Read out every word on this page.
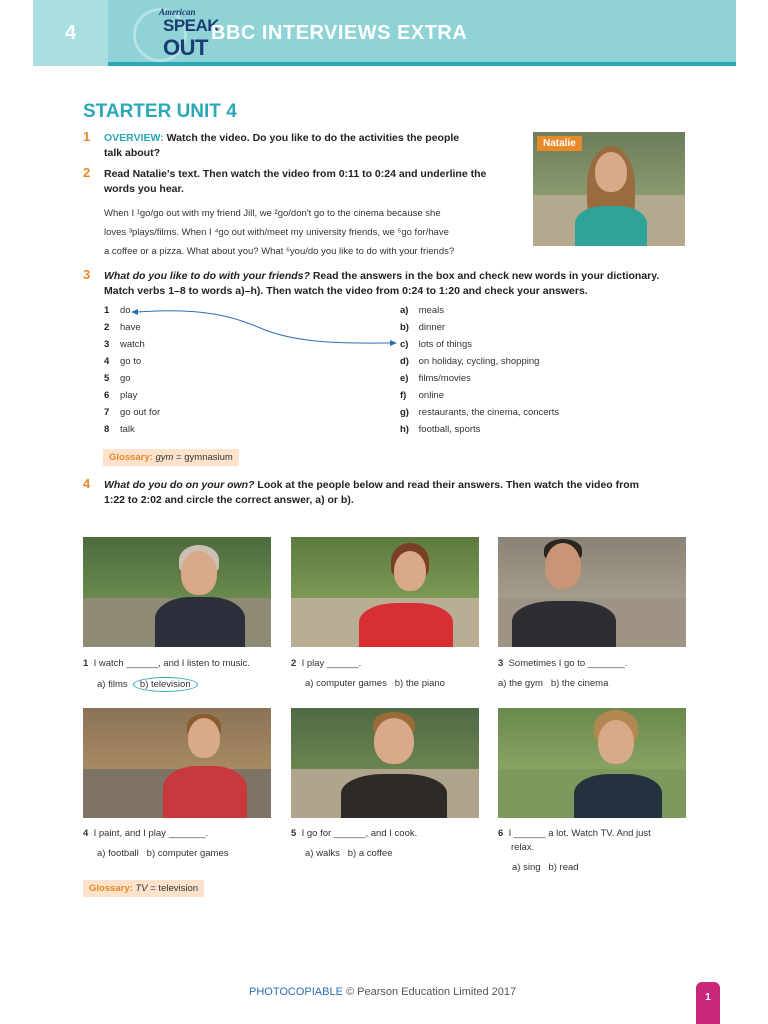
4
American
SPEAK
OUT
BBC INTERVIEWS EXTRA
STARTER UNIT 4
1 OVERVIEW: Watch the video. Do you like to do the activities the people
talk about?
2 Read Natalie's text. Then watch the video from 0:11 to 0:24 and underline the
words you hear.
When I ¹go/go out with my friend Jill, we ²go/don't go to the cinema because she
loves ³plays/films. When I ⁴go out with/meet my university friends, we ⁵go for/have
a coffee or a pizza. What about you? What ⁶you/do you like to do with your friends?
Natalie
3 What do you like to do with your friends? Read the answers in the box and check new words in your dictionary.
Match verbs 1–8 to words a)–h). Then watch the video from 0:24 to 1:20 and check your answers.
1 do
2 have
3 watch
4 go to
5 go
6 play
7 go out for
8 talk
a) meals
b) dinner
c) lots of things
d) on holiday, cycling, shopping
e) films/movies
f) online
g) restaurants, the cinema, concerts
h) football, sports
Glossary: gym = gymnasium
4 What do you do on your own? Look at the people below and read their answers. Then watch the video from
1:22 to 2:02 and circle the correct answer, a) or b).
1 I watch ______, and I listen to music.
a) films b) television
2 I play ______.
a) computer games b) the piano
3 Sometimes I go to _______.
a) the gym b) the cinema
4 I paint, and I play _______.
a) football b) computer games
5 I go for ______, and I cook.
a) walks b) a coffee
6 I ______ a lot. Watch TV. And just
relax.
a) sing b) read
Glossary: TV = television
PHOTOCOPIABLE © Pearson Education Limited 2017	1
